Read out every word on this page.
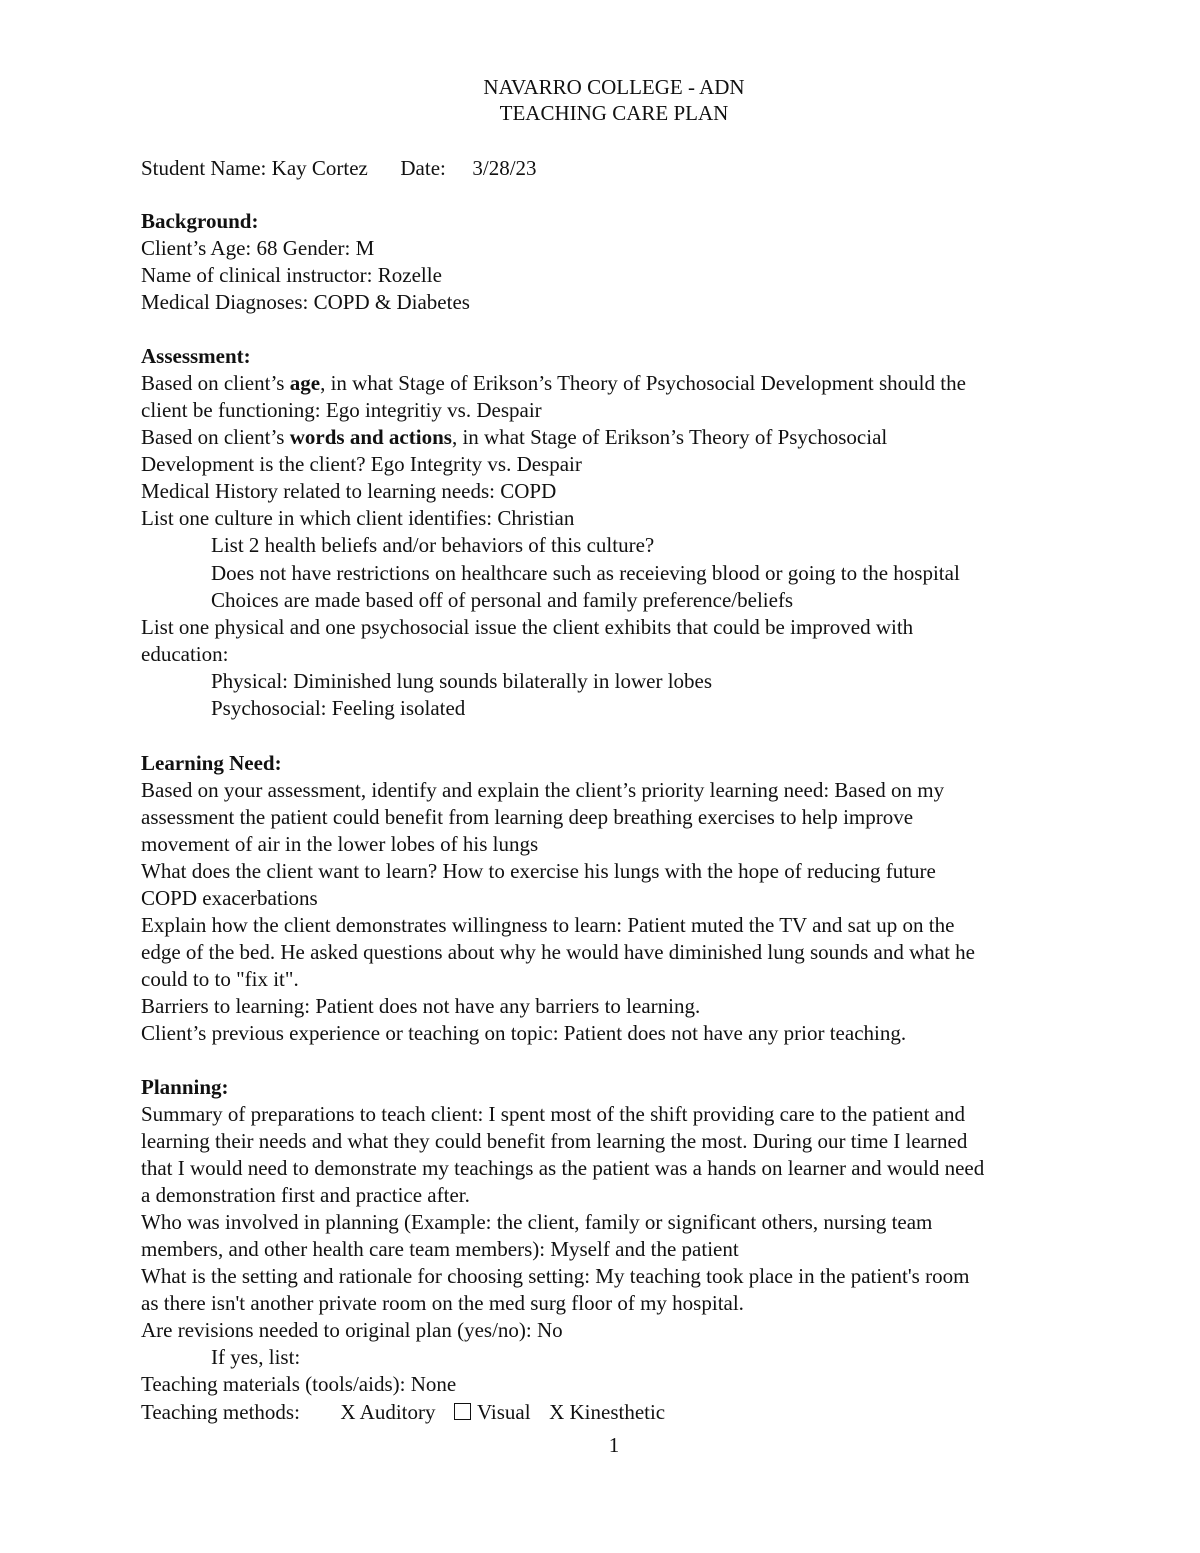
NAVARRO COLLEGE - ADN
TEACHING CARE PLAN
Student Name: Kay Cortez Date: 3/28/23
Background:
Client’s Age: 68 Gender: M
Name of clinical instructor: Rozelle
Medical Diagnoses: COPD & Diabetes
Assessment:
Based on client’s age, in what Stage of Erikson’s Theory of Psychosocial Development should the
client be functioning: Ego integritiy vs. Despair
Based on client’s words and actions, in what Stage of Erikson’s Theory of Psychosocial
Development is the client? Ego Integrity vs. Despair
Medical History related to learning needs: COPD
List one culture in which client identifies: Christian
List 2 health beliefs and/or behaviors of this culture?
Does not have restrictions on healthcare such as receieving blood or going to the hospital
Choices are made based off of personal and family preference/beliefs
List one physical and one psychosocial issue the client exhibits that could be improved with
education:
Physical: Diminished lung sounds bilaterally in lower lobes
Psychosocial: Feeling isolated
Learning Need:
Based on your assessment, identify and explain the client’s priority learning need: Based on my
assessment the patient could benefit from learning deep breathing exercises to help improve
movement of air in the lower lobes of his lungs
What does the client want to learn? How to exercise his lungs with the hope of reducing future
COPD exacerbations
Explain how the client demonstrates willingness to learn: Patient muted the TV and sat up on the
edge of the bed. He asked questions about why he would have diminished lung sounds and what he
could to to "fix it".
Barriers to learning: Patient does not have any barriers to learning.
Client’s previous experience or teaching on topic: Patient does not have any prior teaching.
Planning:
Summary of preparations to teach client: I spent most of the shift providing care to the patient and
learning their needs and what they could benefit from learning the most. During our time I learned
that I would need to demonstrate my teachings as the patient was a hands on learner and would need
a demonstration first and practice after.
Who was involved in planning (Example: the client, family or significant others, nursing team
members, and other health care team members): Myself and the patient
What is the setting and rationale for choosing setting: My teaching took place in the patient's room
as there isn't another private room on the med surg floor of my hospital.
Are revisions needed to original plan (yes/no): No
If yes, list:
Teaching materials (tools/aids): None
Teaching methods: X Auditory Visual X Kinesthetic
1
